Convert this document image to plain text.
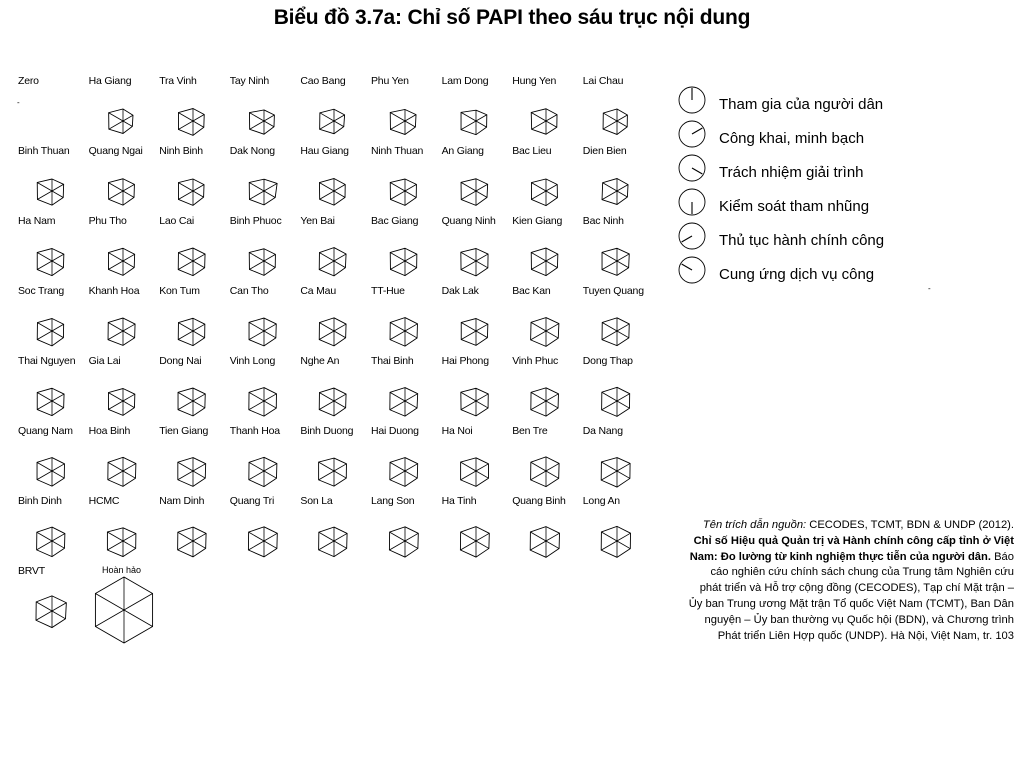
Biểu đồ 3.7a: Chỉ số PAPI theo sáu trục nội dung
Zero	Ha Giang	Tra Vinh	Tay Ninh	Cao Bang Phu Yen	Lam Dong Hung Yen	Lai Chau
Binh Thuan Quang Ngai Ninh Binh	Dak Nong Hau Giang Ninh Thuan An Giang	Bac Lieu	Dien Bien
Ha Nam	Phu Tho	Lao Cai	Binh Phuoc Yen Bai	Bac Giang Quang Ninh Kien Giang Bac Ninh
Soc Trang Khanh Hoa Kon Tum	Can Tho	Ca Mau	TT-Hue	Dak Lak	Bac Kan	Tuyen Quang
Thai Nguyen Gia Lai	Dong Nai	Vinh Long Nghe An	Thai Binh	Hai Phong Vinh Phuc Dong Thap
Quang Nam Hoa Binh	Tien Giang Thanh Hoa Binh Duong Hai Duong Ha Noi	Ben Tre	Da Nang
Binh Dinh	HCMC	Nam Dinh Quang Tri	Son La	Lang Son	Ha Tinh	Quang Binh Long An
BRVT
-
Hoàn hảo
Tham gia của người dân
Công khai, minh bạch
Trách nhiệm giải trình
Kiểm soát tham nhũng
Thủ tục hành chính công
Cung ứng dịch vụ công
-
Tên trích dẫn nguồn: CECODES, TCMT, BDN & UNDP (2012). Chỉ số Hiệu quả Quản trị và Hành chính công cấp tỉnh ở Việt Nam: Đo lường từ kinh nghiệm thực tiễn của người dân. Báo cáo nghiên cứu chính sách chung của Trung tâm Nghiên cứu phát triển và Hỗ trợ cộng đồng (CECODES), Tạp chí Mặt trận – Ủy ban Trung ương Mặt trận Tổ quốc Việt Nam (TCMT), Ban Dân nguyện – Ủy ban thường vụ Quốc hội (BDN), và Chương trình Phát triển Liên Hợp quốc (UNDP). Hà Nội, Việt Nam, tr. 103
